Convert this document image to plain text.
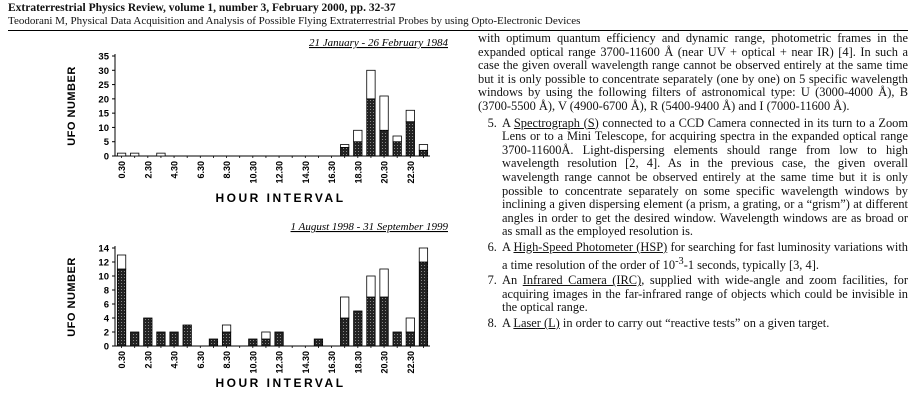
Extraterrestrial Physics Review, volume 1, number 3, February 2000, pp. 32-37
Teodorani M, Physical Data Acquisition and Analysis of Possible Flying Extraterrestrial Probes by using Opto-Electronic Devices
21 January - 26 February 1984
0
5
10
15
20
25
30
35
UFO NUMBER
HOUR INTERVAL
0.30 2.30 4.30 6.30 8.30 10.30 12.30 14.30 16.30 18.30 20.30 22.30
1 August 1998 - 31 September 1999
0
2
4
6
8
10
12
14
UFO NUMBER
HOUR INTERVAL
0.30 2.30 4.30 6.30 8.30 10.30 12.30 14.30 16.30 18.30 20.30 22.30

with optimum quantum efficiency and dynamic range, photometric frames in the expanded optical range 3700-11600 Å (near UV + optical + near IR) [4]. In such a case the given overall wavelength range cannot be observed entirely at the same time but it is only possible to concentrate separately (one by one) on 5 specific wavelength windows by using the following filters of astronomical type: U (3000-4000 Å), B (3700-5500 Å), V (4900-6700 Å), R (5400-9400 Å) and I (7000-11600 Å).

5. A Spectrograph (S) connected to a CCD Camera connected in its turn to a Zoom Lens or to a Mini Telescope, for acquiring spectra in the expanded optical range 3700-11600Å. Light-dispersing elements should range from low to high wavelength resolution [2, 4]. As in the previous case, the given overall wavelength range cannot be observed entirely at the same time but it is only possible to concentrate separately on some specific wavelength windows by inclining a given dispersing element (a prism, a grating, or a “grism”) at different angles in order to get the desired window. Wavelength windows are as broad or as small as the employed resolution is.
6. A High-Speed Photometer (HSP) for searching for fast luminosity variations with a time resolution of the order of $10^{-3}-1$ seconds, typically [3, 4].
7. An Infrared Camera (IRC), supplied with wide-angle and zoom facilities, for acquiring images in the far-infrared range of objects which could be invisible in the optical range.
8. A Laser (L) in order to carry out “reactive tests” on a given target.
